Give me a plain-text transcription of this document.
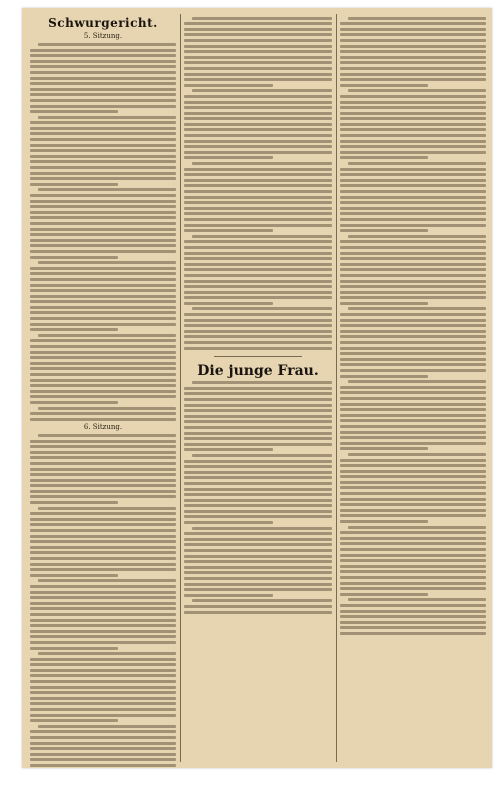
Schwurgericht.
5. Sitzung.
6. Sitzung.
Die junge Frau.
